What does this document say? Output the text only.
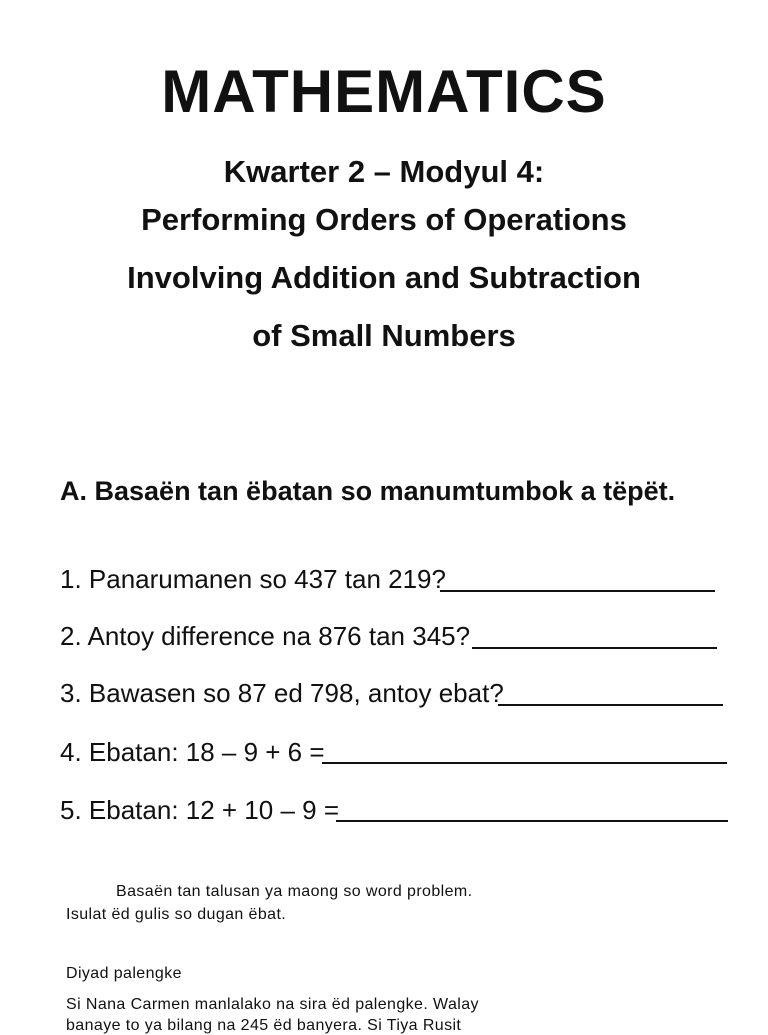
MATHEMATICS
Kwarter 2 – Modyul 4:
Performing Orders of Operations
Involving Addition and Subtraction
of Small Numbers
A. Basaën tan ëbatan so manumtumbok a tëpët.
1. Panarumanen so 437 tan 219?
2. Antoy difference na 876 tan 345?
3. Bawasen so 87 ed 798, antoy ebat?
4. Ebatan: 18 – 9 + 6 =
5. Ebatan: 12 + 10 – 9 =
Basaën tan talusan ya maong so word problem.
Isulat ëd gulis so dugan ëbat.
Diyad palengke
Si Nana Carmen manlalako na sira ëd palengke. Walay
banaye to ya bilang na 245 ëd banyera. Si Tiya Rusit
